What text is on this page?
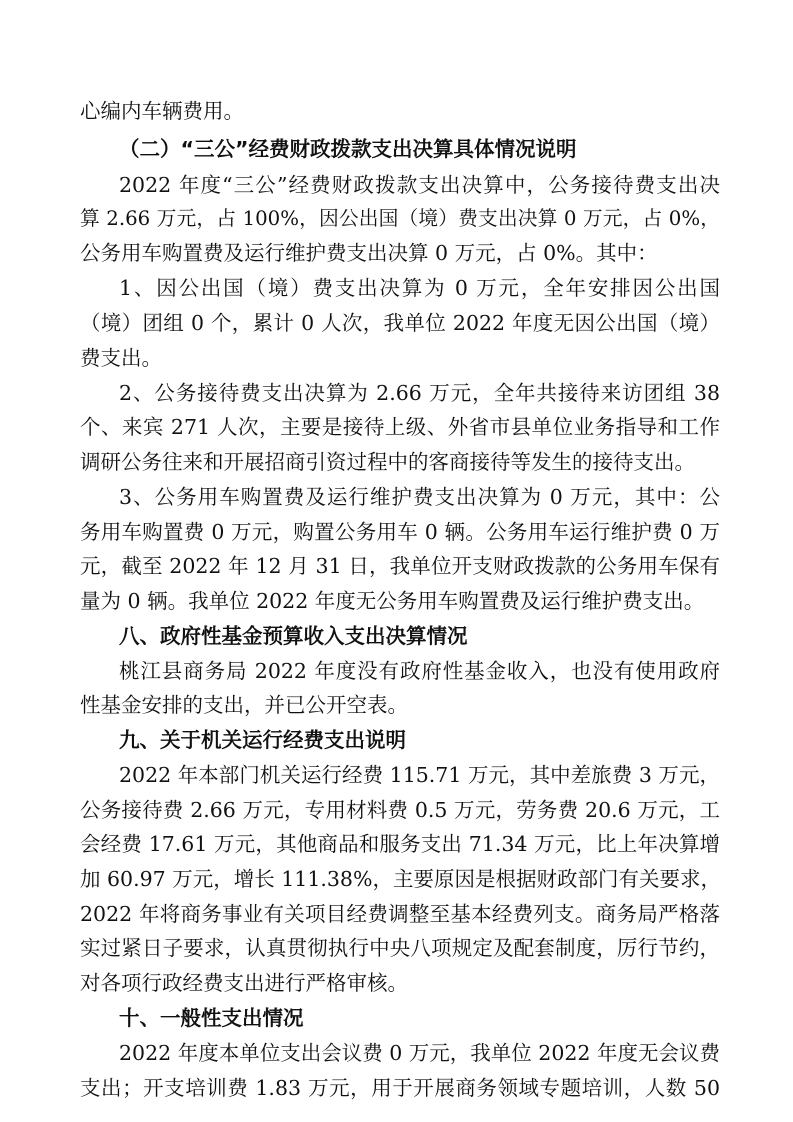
心编内车辆费用。
（二）“三公”经费财政拨款支出决算具体情况说明
2022 年度“三公”经费财政拨款支出决算中，公务接待费支出决
算 2.66 万元，占 100%，因公出国（境）费支出决算 0 万元，占 0%，
公务用车购置费及运行维护费支出决算 0 万元，占 0%。其中：
1、因公出国（境）费支出决算为 0 万元，全年安排因公出国
（境）团组 0 个，累计 0 人次，我单位 2022 年度无因公出国（境）
费支出。
2、公务接待费支出决算为 2.66 万元，全年共接待来访团组 38
个、来宾 271 人次，主要是接待上级、外省市县单位业务指导和工作
调研公务往来和开展招商引资过程中的客商接待等发生的接待支出。
3、公务用车购置费及运行维护费支出决算为 0 万元，其中：公
务用车购置费 0 万元，购置公务用车 0 辆。公务用车运行维护费 0 万
元，截至 2022 年 12 月 31 日，我单位开支财政拨款的公务用车保有
量为 0 辆。我单位 2022 年度无公务用车购置费及运行维护费支出。
八、政府性基金预算收入支出决算情况
桃江县商务局 2022 年度没有政府性基金收入，也没有使用政府
性基金安排的支出，并已公开空表。
九、关于机关运行经费支出说明
2022 年本部门机关运行经费 115.71 万元，其中差旅费 3 万元，
公务接待费 2.66 万元，专用材料费 0.5 万元，劳务费 20.6 万元，工
会经费 17.61 万元，其他商品和服务支出 71.34 万元，比上年决算增
加 60.97 万元，增长 111.38%，主要原因是根据财政部门有关要求，
2022 年将商务事业有关项目经费调整至基本经费列支。商务局严格落
实过紧日子要求，认真贯彻执行中央八项规定及配套制度，厉行节约，
对各项行政经费支出进行严格审核。
十、一般性支出情况
2022 年度本单位支出会议费 0 万元，我单位 2022 年度无会议费
支出；开支培训费 1.83 万元，用于开展商务领域专题培训，人数 50
